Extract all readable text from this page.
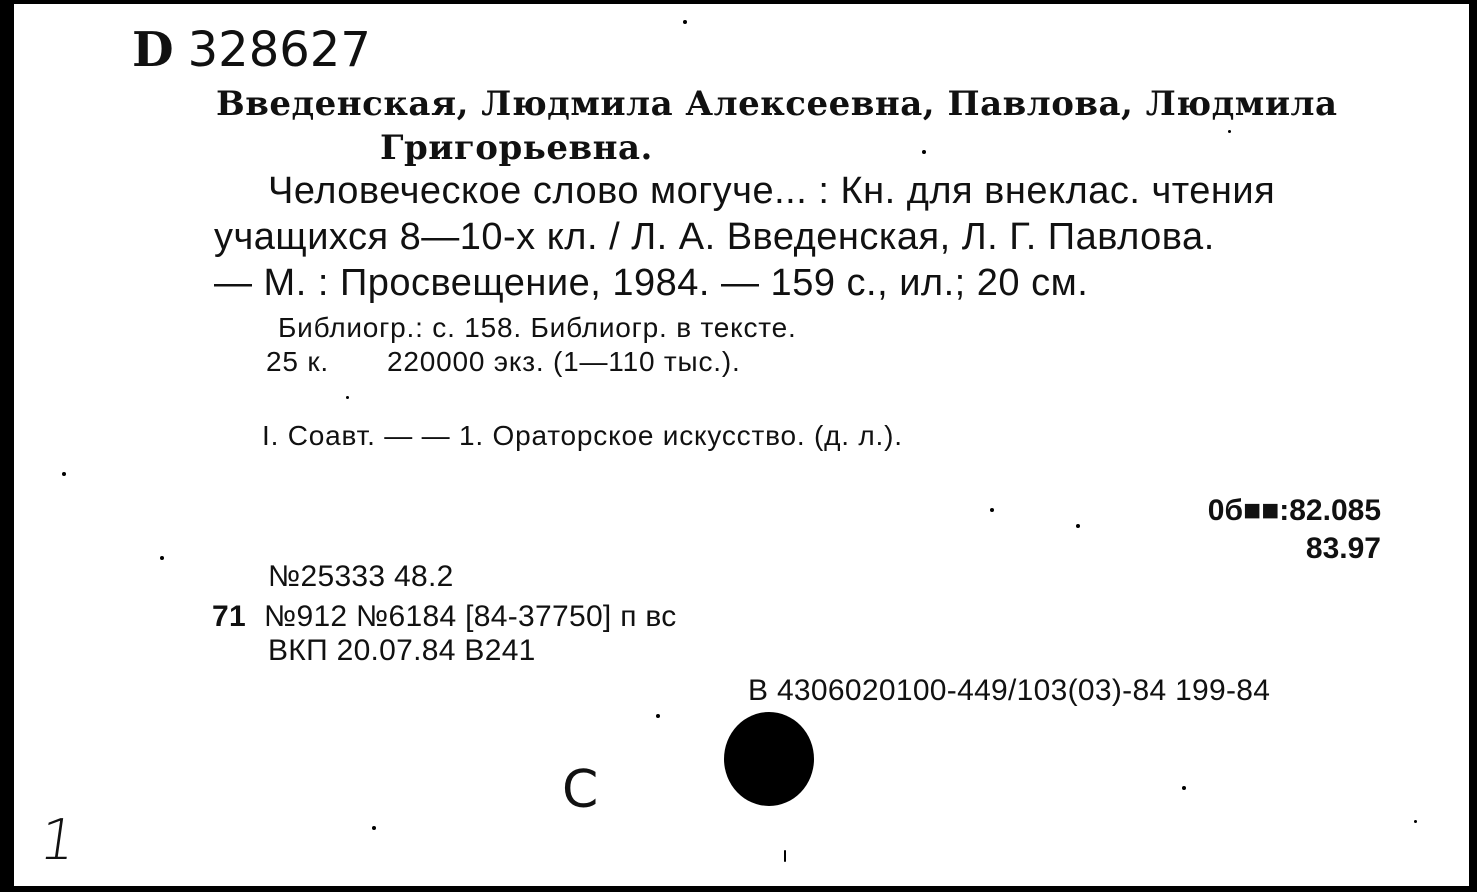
D 328627
Введенская, Людмила Алексеевна, Павлова, Людмила
Григорьевна.
Человеческое слово могуче... : Кн. для внеклас. чтения
учащихся 8—10-х кл. / Л. А. Введенская, Л. Г. Павлова.
— М. : Просвещение, 1984. — 159 с., ил.; 20 см.
Библиогр.: с. 158. Библиогр. в тексте.
25 к. 220000 экз. (1—110 тыс.).
I. Соавт. — — 1. Ораторское искусство. (д. л.).
0б■■:82.085
83.97
№25333 48.2
71 №912 №6184 [84-37750] п вс
ВКП 20.07.84 В241
В 4306020100-449/103(03)-84 199-84
С
1
